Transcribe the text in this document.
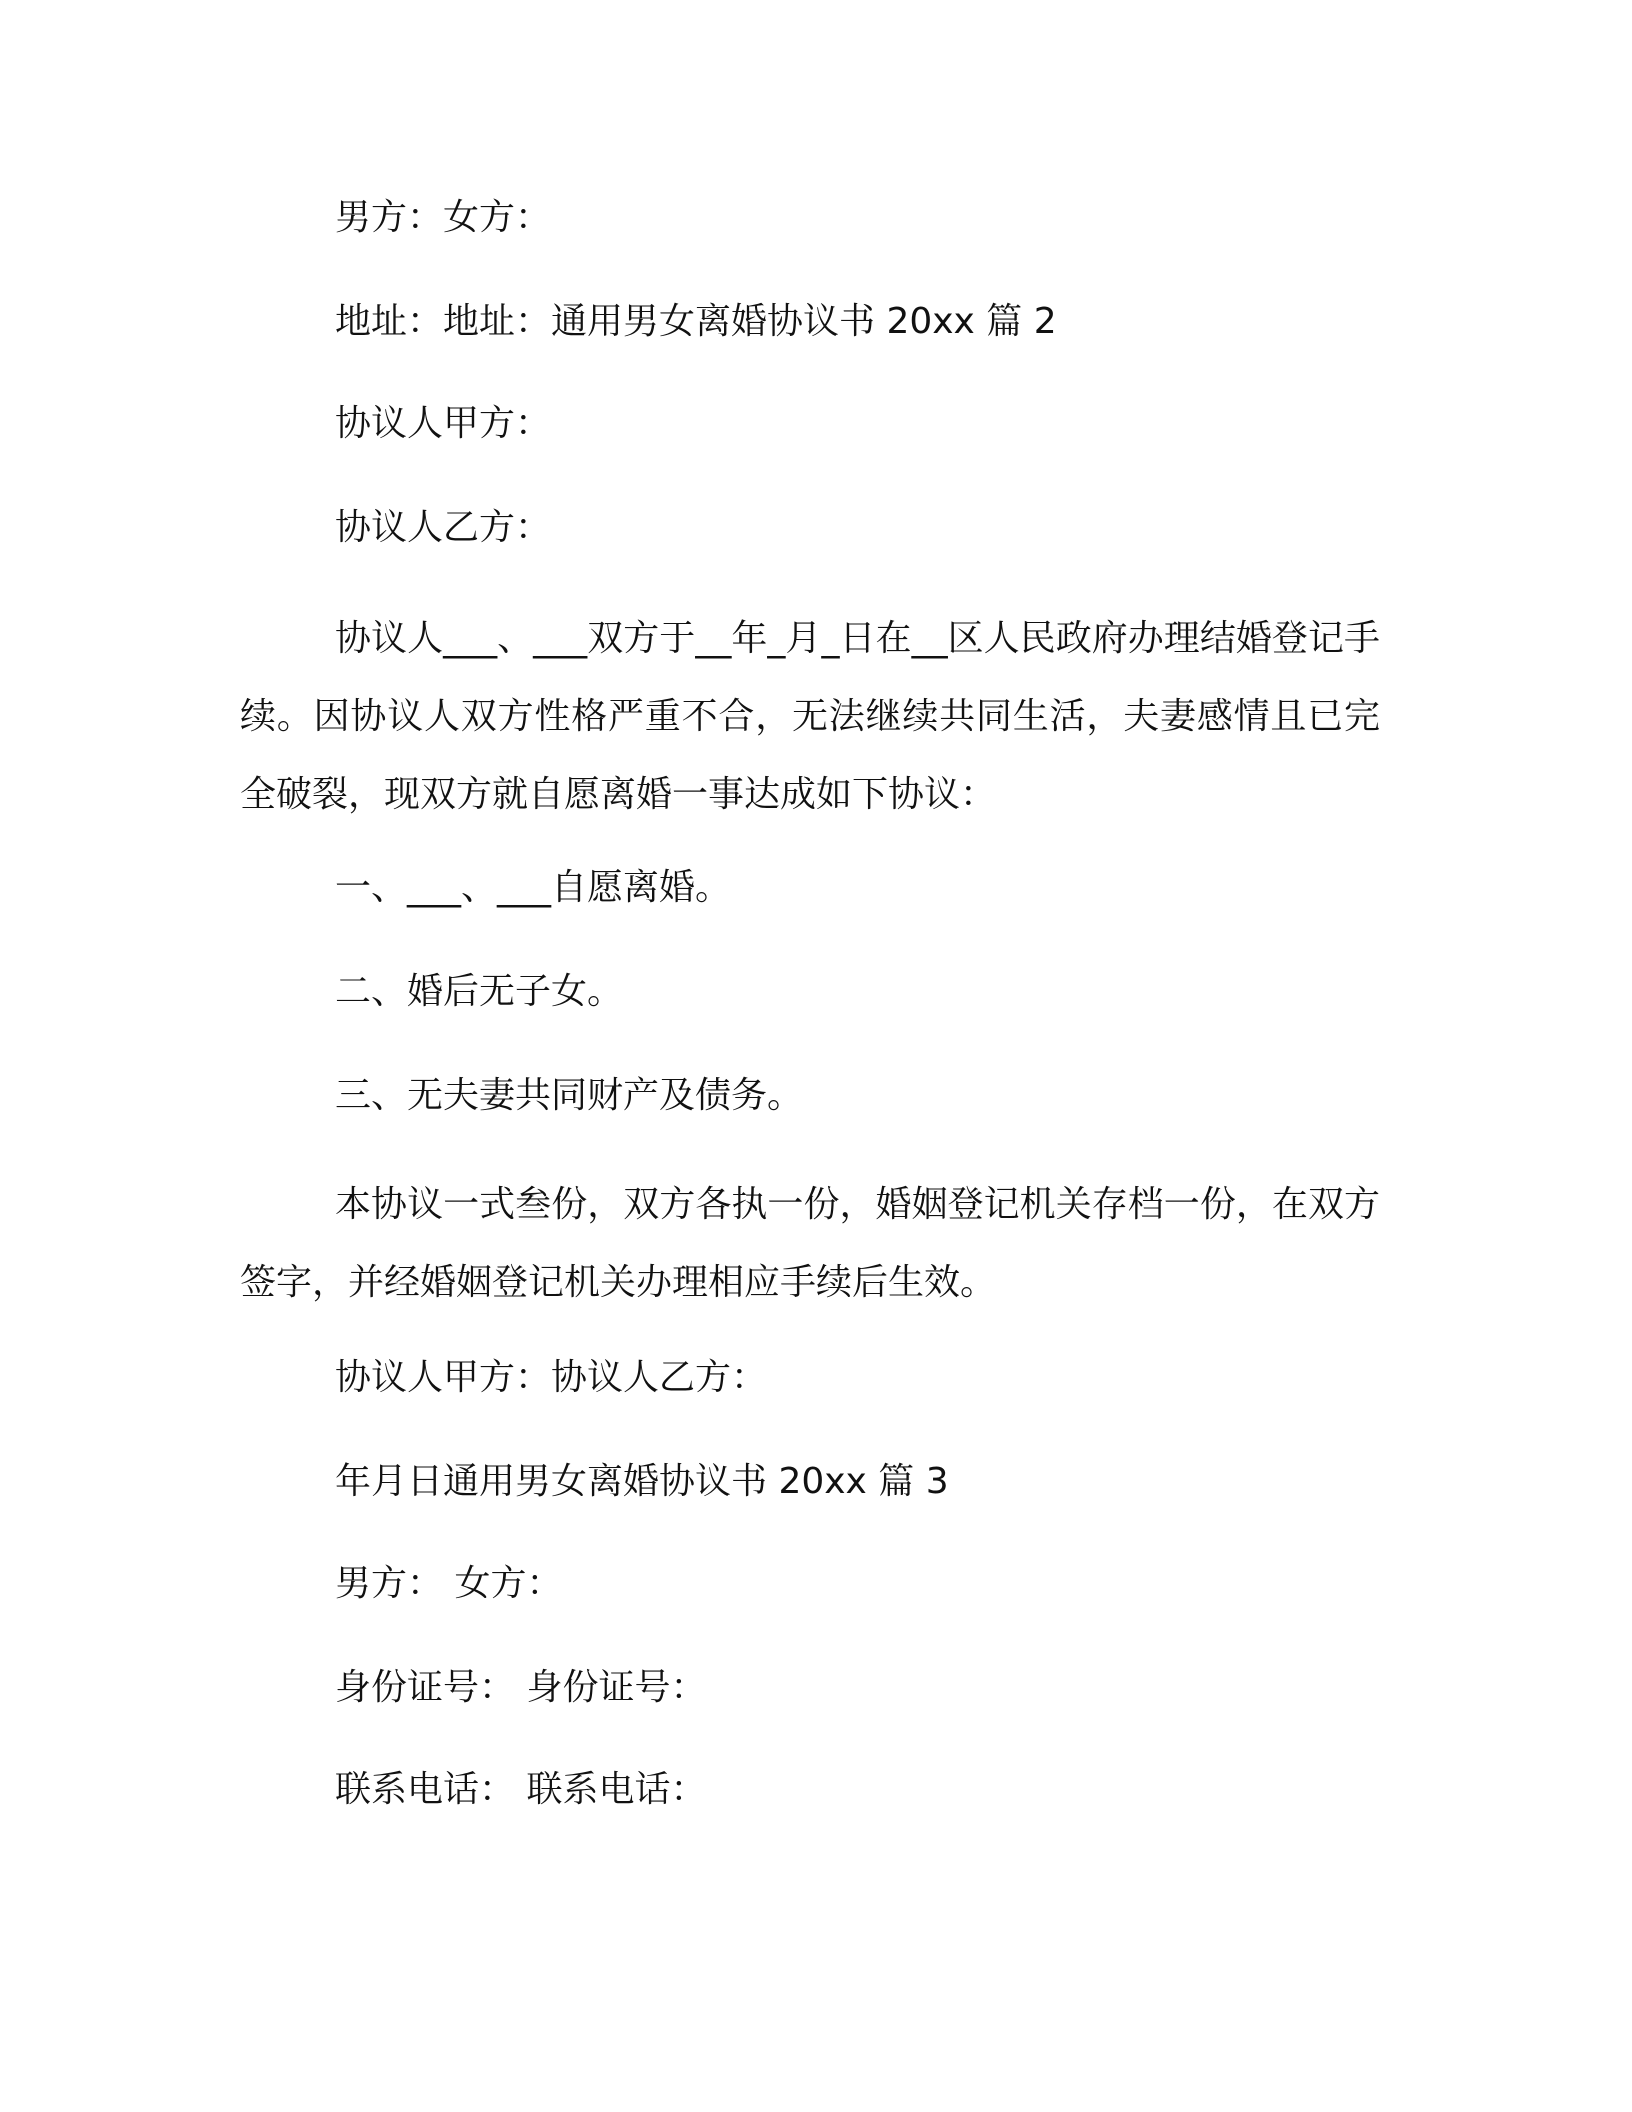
男方：女方：
地址：地址：通用男女离婚协议书 20xx 篇 2
协议人甲方：
协议人乙方：
协议人___、___双方于__年_月_日在__区人民政府办理结婚登记手续。因协议人双方性格严重不合，无法继续共同生活，夫妻感情且已完全破裂，现双方就自愿离婚一事达成如下协议：
一、___、___自愿离婚。
二、婚后无子女。
三、无夫妻共同财产及债务。
本协议一式叁份，双方各执一份，婚姻登记机关存档一份，在双方签字，并经婚姻登记机关办理相应手续后生效。
协议人甲方：协议人乙方：
年月日通用男女离婚协议书 20xx 篇 3
男方： 女方：
身份证号： 身份证号：
联系电话： 联系电话：
